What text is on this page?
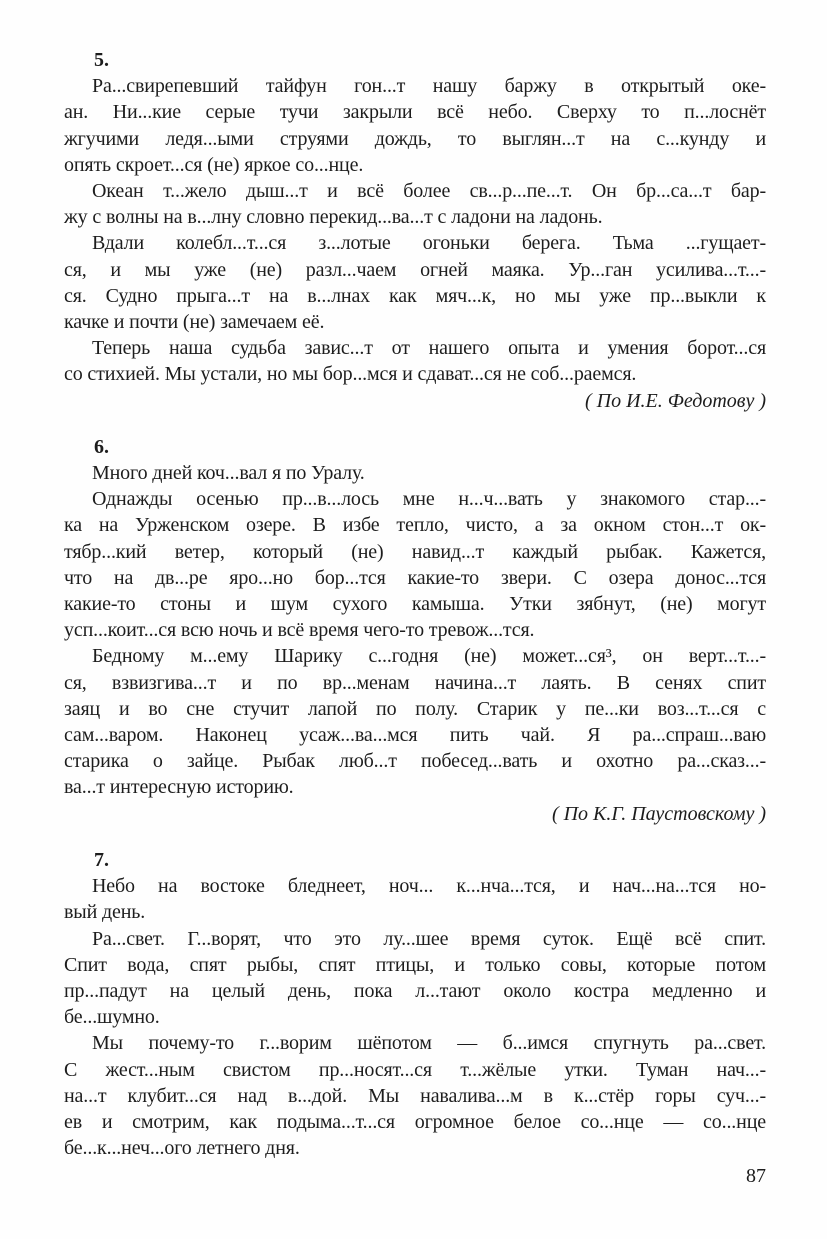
5.
Ра...свирепевший тайфун гон...т нашу баржу в открытый оке-
ан. Ни...кие серые тучи закрыли всё небо. Сверху то п...лоснёт
жгучими ледя...ыми струями дождь, то выглян...т на с...кунду и
опять скроет...ся (не) яркое со...нце.
Океан т...жело дыш...т и всё более св...р...пе...т. Он бр...са...т бар-
жу с волны на в...лну словно перекид...ва...т с ладони на ладонь.
Вдали колебл...т...ся з...лотые огоньки берега. Тьма ...гущает-
ся, и мы уже (не) разл...чаем огней маяка. Ур...ган усилива...т...-
ся. Судно прыга...т на в...лнах как мяч...к, но мы уже пр...выкли к
качке и почти (не) замечаем её.
Теперь наша судьба завис...т от нашего опыта и умения борот...ся
со стихией. Мы устали, но мы бор...мся и сдават...ся не соб...раемся.
( По И.Е. Федотову )
6.
Много дней коч...вал я по Уралу.
Однажды осенью пр...в...лось мне н...ч...вать у знакомого стар...-
ка на Урженском озере. В избе тепло, чисто, а за окном стон...т ок-
тябр...кий ветер, который (не) навид...т каждый рыбак. Кажется,
что на дв...ре яро...но бор...тся какие-то звери. С озера донос...тся
какие-то стоны и шум сухого камыша. Утки зябнут, (не) могут
усп...коит...ся всю ночь и всё время чего-то тревож...тся.
Бедному м...ему Шарику с...годня (не) может...ся³, он верт...т...-
ся, взвизгива...т и по вр...менам начина...т лаять. В сенях спит
заяц и во сне стучит лапой по полу. Старик у пе...ки воз...т...ся с
сам...варом. Наконец усаж...ва...мся пить чай. Я ра...спраш...ваю
старика о зайце. Рыбак люб...т побесед...вать и охотно ра...сказ...-
ва...т интересную историю.
( По К.Г. Паустовскому )
7.
Небо на востоке бледнеет, ноч... к...нча...тся, и нач...на...тся но-
вый день.
Ра...свет. Г...ворят, что это лу...шее время суток. Ещё всё спит.
Спит вода, спят рыбы, спят птицы, и только совы, которые потом
пр...падут на целый день, пока л...тают около костра медленно и
бе...шумно.
Мы почему-то г...ворим шёпотом — б...имся спугнуть ра...свет.
С жест...ным свистом пр...носят...ся т...жёлые утки. Туман нач...-
на...т клубит...ся над в...дой. Мы навалива...м в к...стёр горы суч...-
ев и смотрим, как подыма...т...ся огромное белое со...нце — со...нце
бе...к...неч...ого летнего дня.
87
